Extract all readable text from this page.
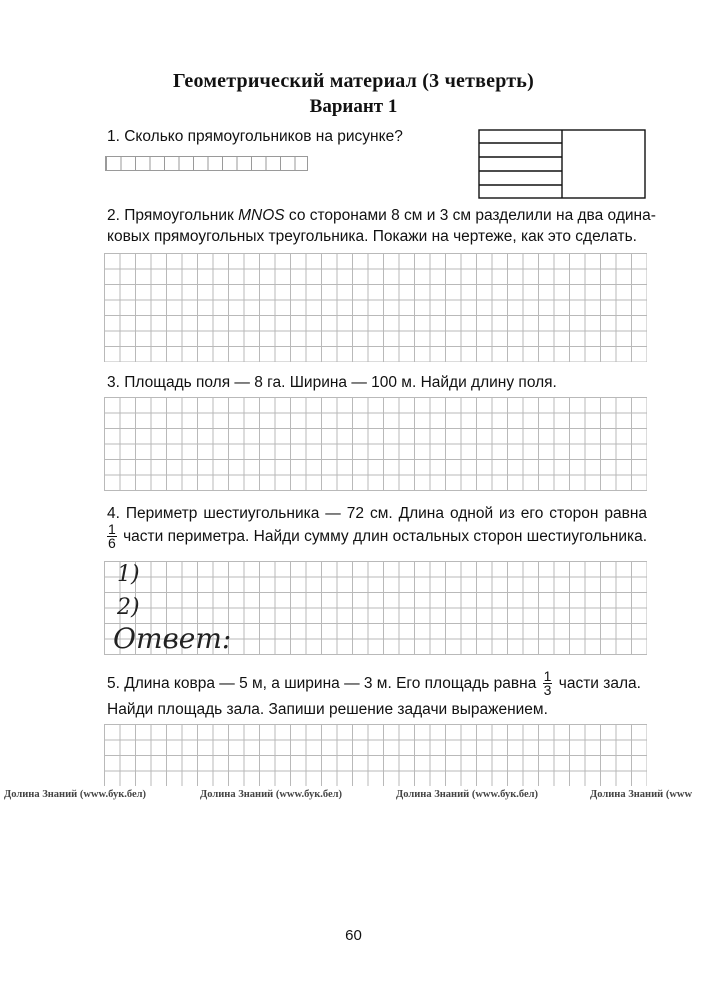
Геометрический материал (3 четверть)
Вариант 1
1. Сколько прямоугольников на рисунке?
2. Прямоугольник MNOS со сторонами 8 см и 3 см разделили на два одина-
ковых прямоугольных треугольника. Покажи на чертеже, как это сделать.
3. Площадь поля — 8 га. Ширина — 100 м. Найди длину поля.
4. Периметр шестиугольника — 72 см. Длина одной из его сторон равна
$\frac{1}{6}$ части периметра. Найди сумму длин остальных сторон шестиугольника.
1)
2)
Ответ:
5. Длина ковра — 5 м, а ширина — 3 м. Его площадь равна $\frac{1}{3}$ части зала.
Найди площадь зала. Запиши решение задачи выражением.
Долина Знаний (www.бук.бел)	Долина Знаний (www.бук.бел)	Долина Знаний (www.бук.бел)	Долина Знаний (www
60
